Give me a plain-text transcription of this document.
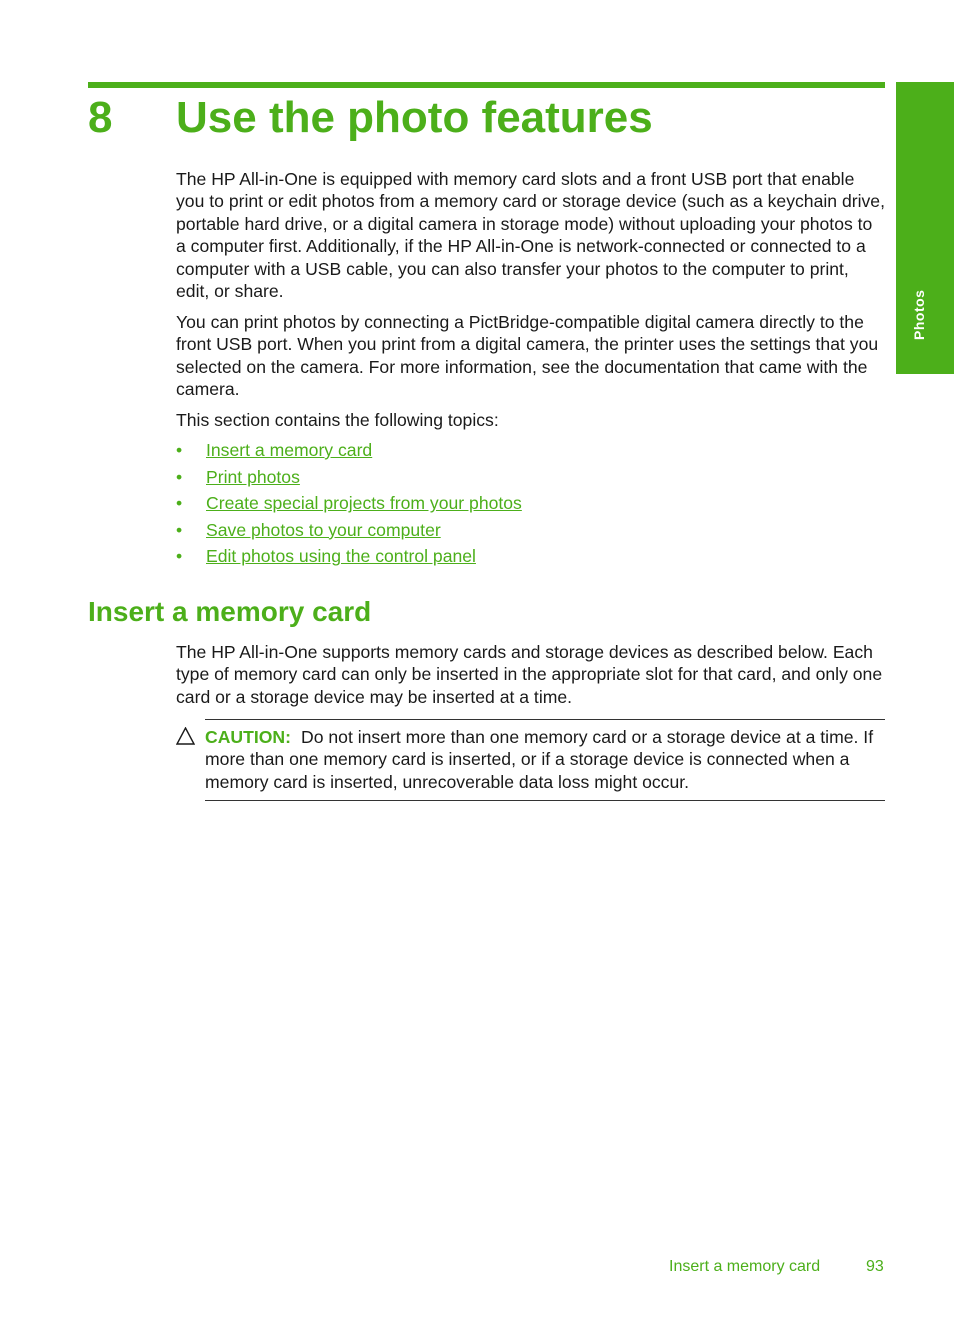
Photos
8 Use the photo features

The HP All-in-One is equipped with memory card slots and a front USB port that enable you to print or edit photos from a memory card or storage device (such as a keychain drive, portable hard drive, or a digital camera in storage mode) without uploading your photos to a computer first. Additionally, if the HP All-in-One is network-connected or connected to a computer with a USB cable, you can also transfer your photos to the computer to print, edit, or share.

You can print photos by connecting a PictBridge-compatible digital camera directly to the front USB port. When you print from a digital camera, the printer uses the settings that you selected on the camera. For more information, see the documentation that came with the camera.

This section contains the following topics:

• Insert a memory card
• Print photos
• Create special projects from your photos
• Save photos to your computer
• Edit photos using the control panel
Insert a memory card

The HP All-in-One supports memory cards and storage devices as described below. Each type of memory card can only be inserted in the appropriate slot for that card, and only one card or a storage device may be inserted at a time.

CAUTION: Do not insert more than one memory card or a storage device at a time. If more than one memory card is inserted, or if a storage device is connected when a memory card is inserted, unrecoverable data loss might occur.

Insert a memory card	93
